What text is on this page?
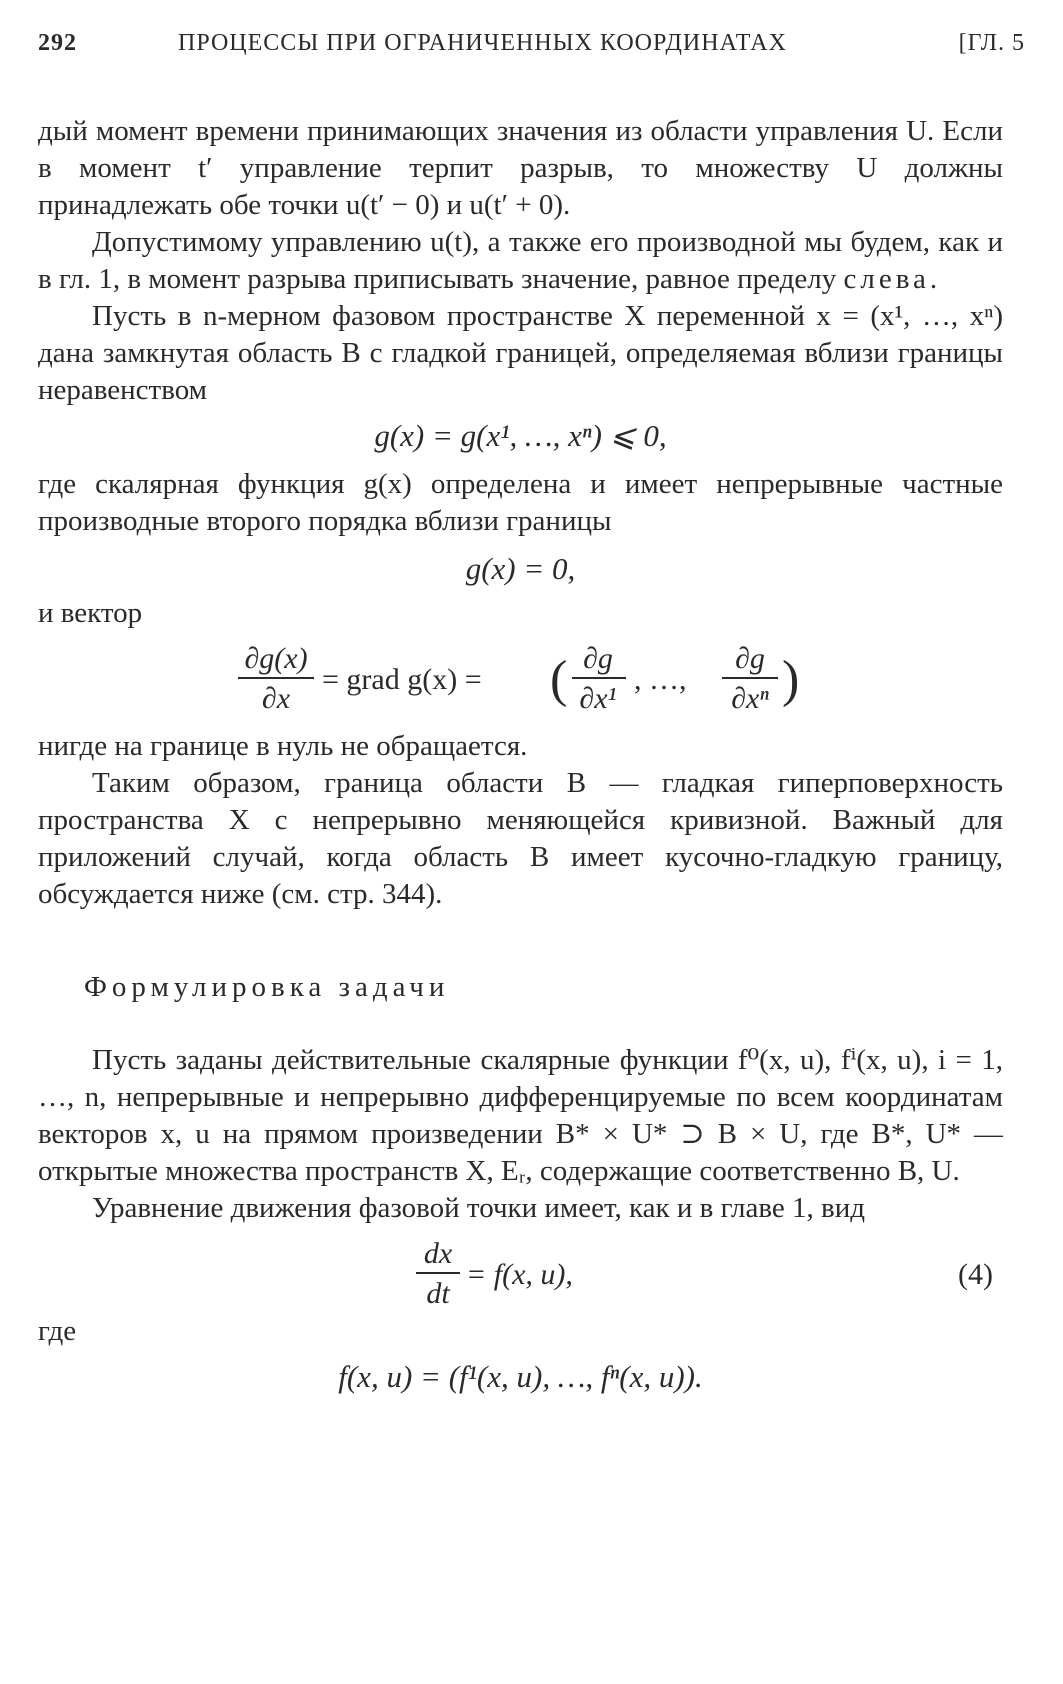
292	ПРОЦЕССЫ ПРИ ОГРАНИЧЕННЫХ КООРДИНАТАХ	[ГЛ. 5

дый момент времени принимающих значения из области управления U. Если в момент t′ управление терпит разрыв, то множеству U должны принадлежать обе точки u(t′ − 0) и u(t′ + 0).

Допустимому управлению u(t), а также его производной мы будем, как и в гл. 1, в момент разрыва приписывать значение, равное пределу слева.

Пусть в n-мерном фазовом пространстве X переменной x = (x¹, …, xⁿ) дана замкнутая область B с гладкой границей, определяемая вблизи границы неравенством

g(x) = g(x¹, …, xⁿ) ⩽ 0,

где скалярная функция g(x) определена и имеет непрерывные частные производные второго порядка вблизи границы

g(x) = 0,

и вектор

∂g(x)
∂x
= grad g(x) = ( ∂g
∂x¹
, …,
∂g
∂xⁿ )

нигде на границе в нуль не обращается.

Таким образом, граница области B — гладкая гиперповерхность пространства X с непрерывно меняющейся кривизной. Важный для приложений случай, когда область B имеет кусочно-гладкую границу, обсуждается ниже (см. стр. 344).

Формулировка задачи

Пусть заданы действительные скалярные функции f⁰(x, u), fⁱ(x, u), i = 1, …, n, непрерывные и непрерывно дифференцируемые по всем координатам векторов x, u на прямом произведении B* × U* ⊃ B × U, где B*, U* — открытые множества пространств X, Eᵣ, содержащие соответственно B, U.

Уравнение движения фазовой точки имеет, как и в главе 1, вид

dx
dt
= f(x, u),	(4)

где

f(x, u) = (f¹(x, u), …, fⁿ(x, u)).
